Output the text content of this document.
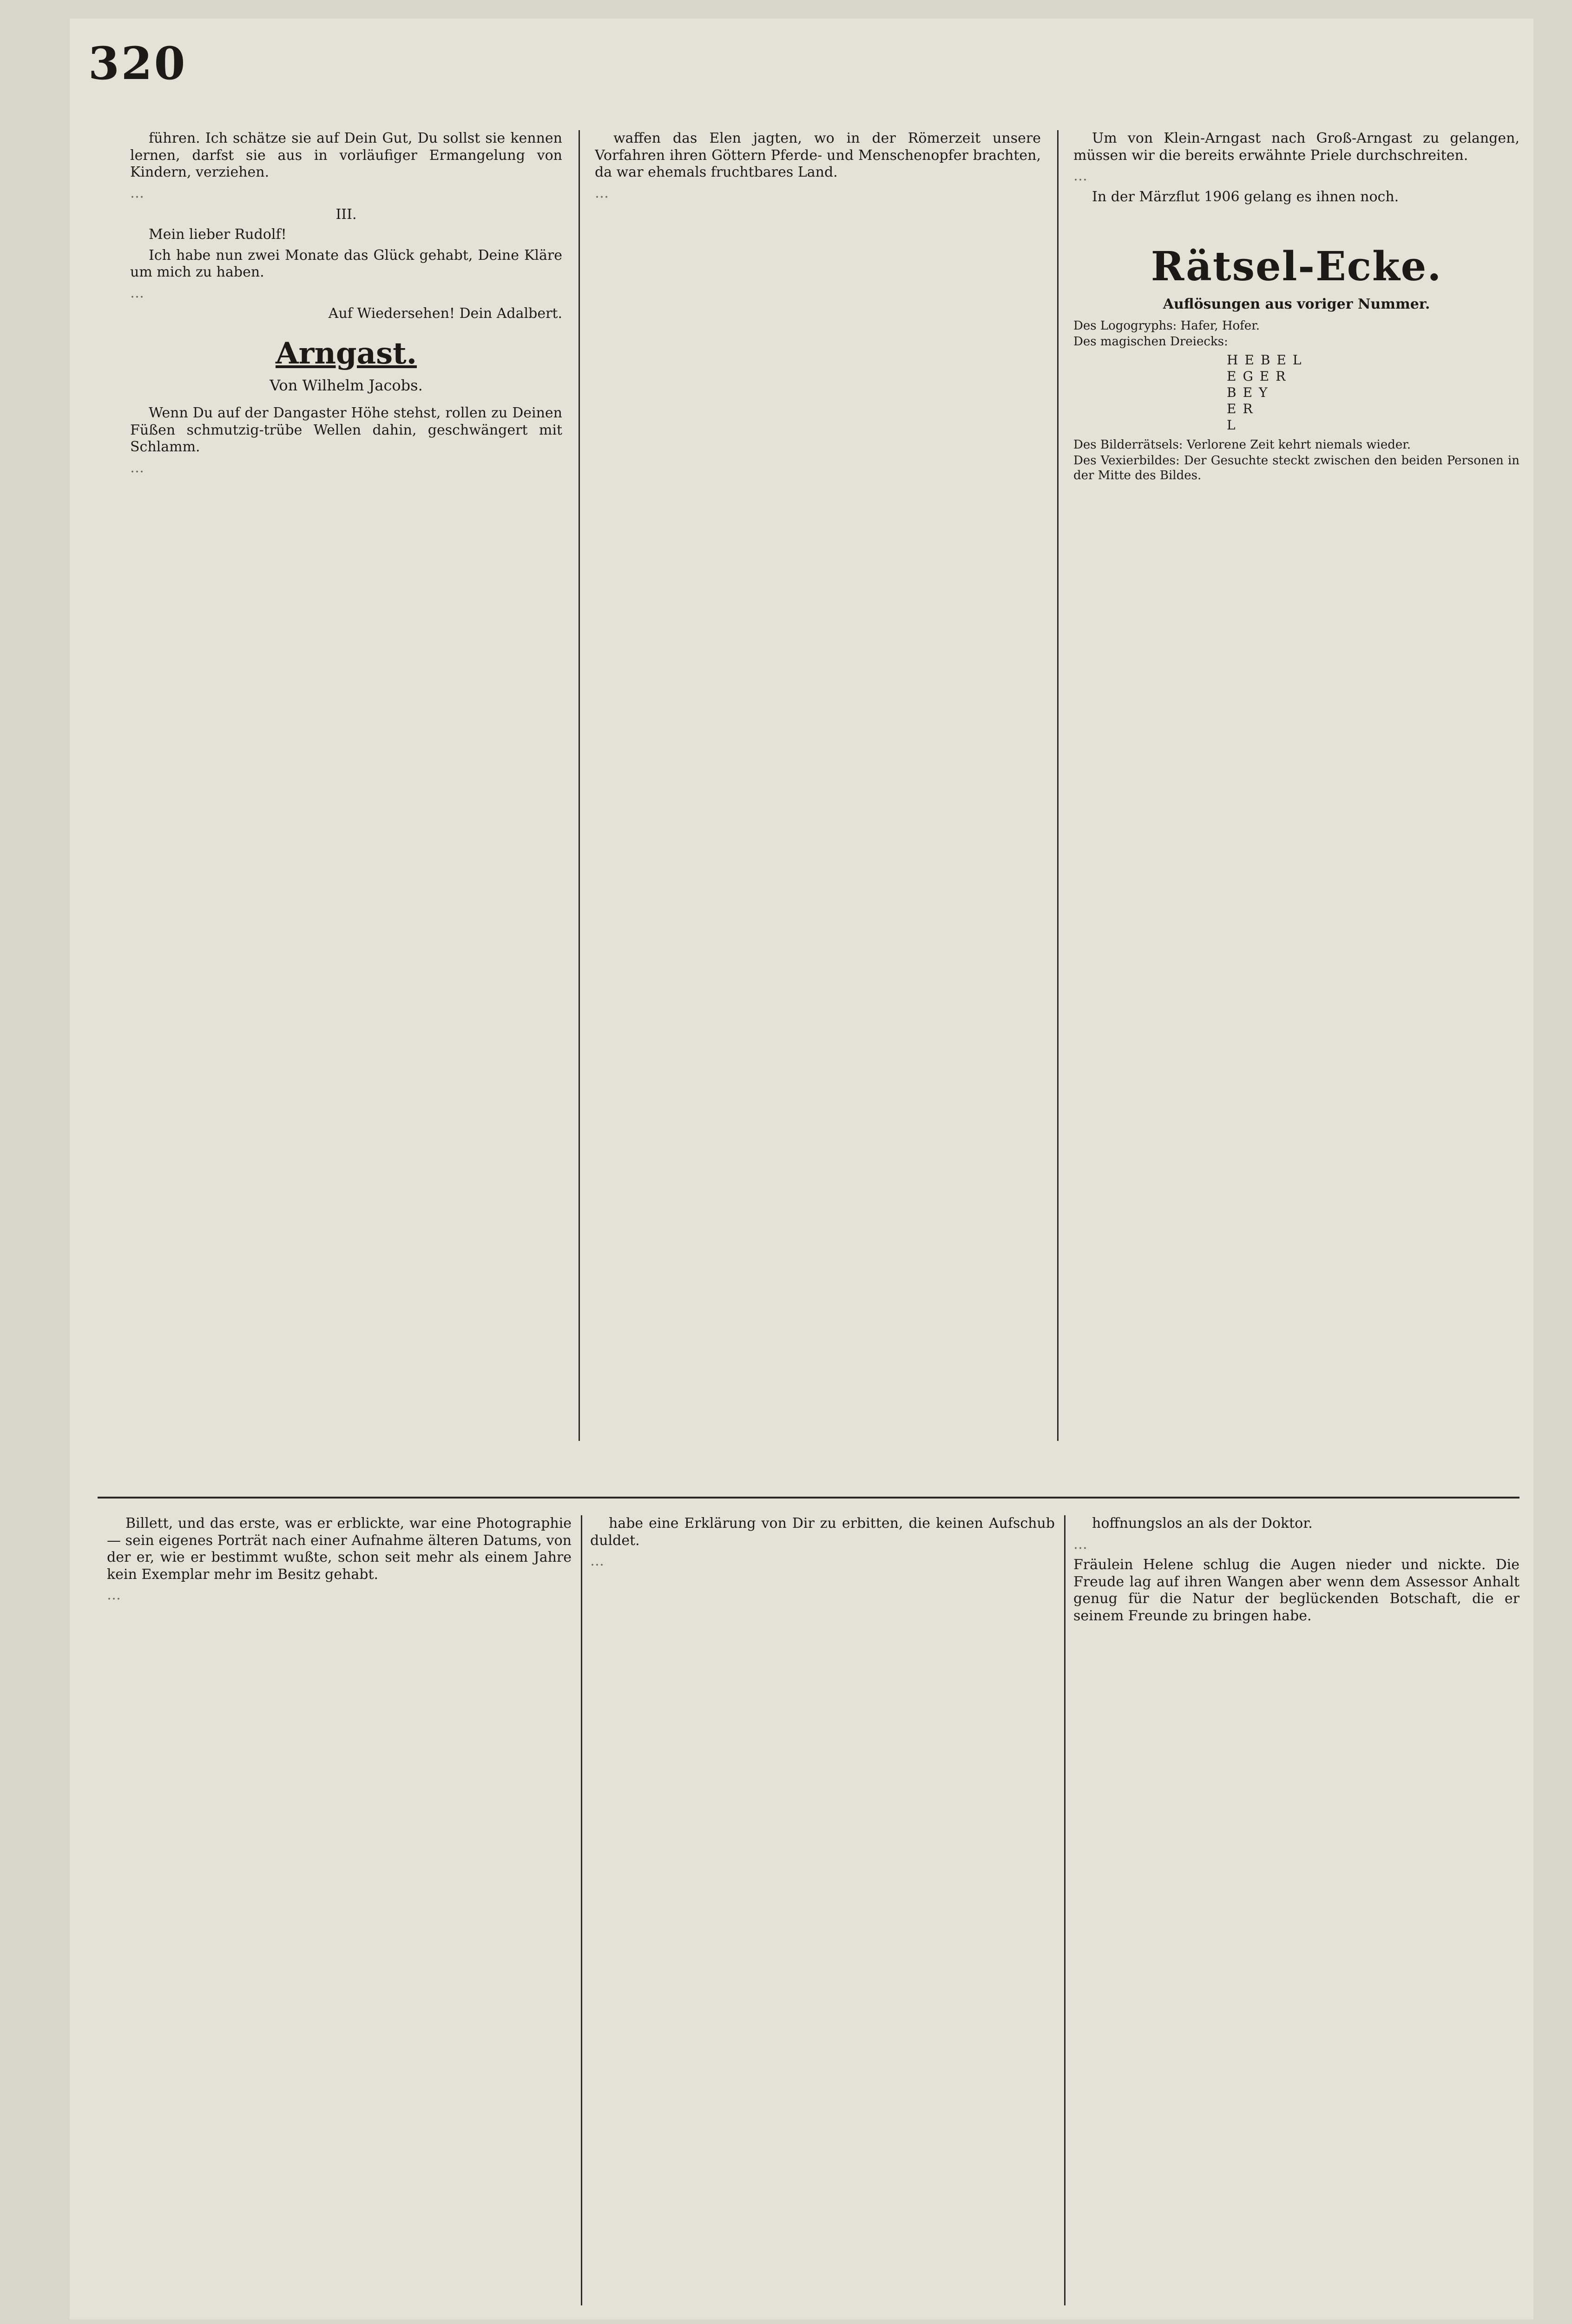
320

führen. Ich schätze sie auf Dein Gut, Du sollst sie kennen lernen, darfst sie aus in vorläufiger Ermangelung von Kindern, verziehen.

…

III.

Mein lieber Rudolf!

Ich habe nun zwei Monate das Glück gehabt, Deine Kläre um mich zu haben.

…

Auf Wiedersehen! Dein Adalbert.

Arngast.
Von Wilhelm Jacobs.

Wenn Du auf der Dangaster Höhe stehst, rollen zu Deinen Füßen schmutzig-trübe Wellen dahin, geschwängert mit Schlamm.

…

waffen das Elen jagten, wo in der Römerzeit unsere Vorfahren ihren Göttern Pferde- und Menschenopfer brachten, da war ehemals fruchtbares Land.

…

Um von Klein-Arngast nach Groß-Arngast zu gelangen, müssen wir die bereits erwähnte Priele durchschreiten.

…

In der Märzflut 1906 gelang es ihnen noch.

Rätsel-Ecke.
Auflösungen aus voriger Nummer.

Des Logogryphs: Hafer, Hofer.

Des magischen Dreiecks:

HEBEL
EGER
BEY
ER
L

Des Bilderrätsels: Verlorene Zeit kehrt niemals wieder.

Des Vexierbildes: Der Gesuchte steckt zwischen den beiden Personen in der Mitte des Bildes.

Billett, und das erste, was er erblickte, war eine Photographie — sein eigenes Porträt nach einer Aufnahme älteren Datums, von der er, wie er bestimmt wußte, schon seit mehr als einem Jahre kein Exemplar mehr im Besitz gehabt.

…

habe eine Erklärung von Dir zu erbitten, die keinen Aufschub duldet.

…

hoffnungslos an als der Doktor.

…

Fräulein Helene schlug die Augen nieder und nickte. Die Freude lag auf ihren Wangen aber wenn dem Assessor Anhalt genug für die Natur der beglückenden Botschaft, die er seinem Freunde zu bringen habe.
